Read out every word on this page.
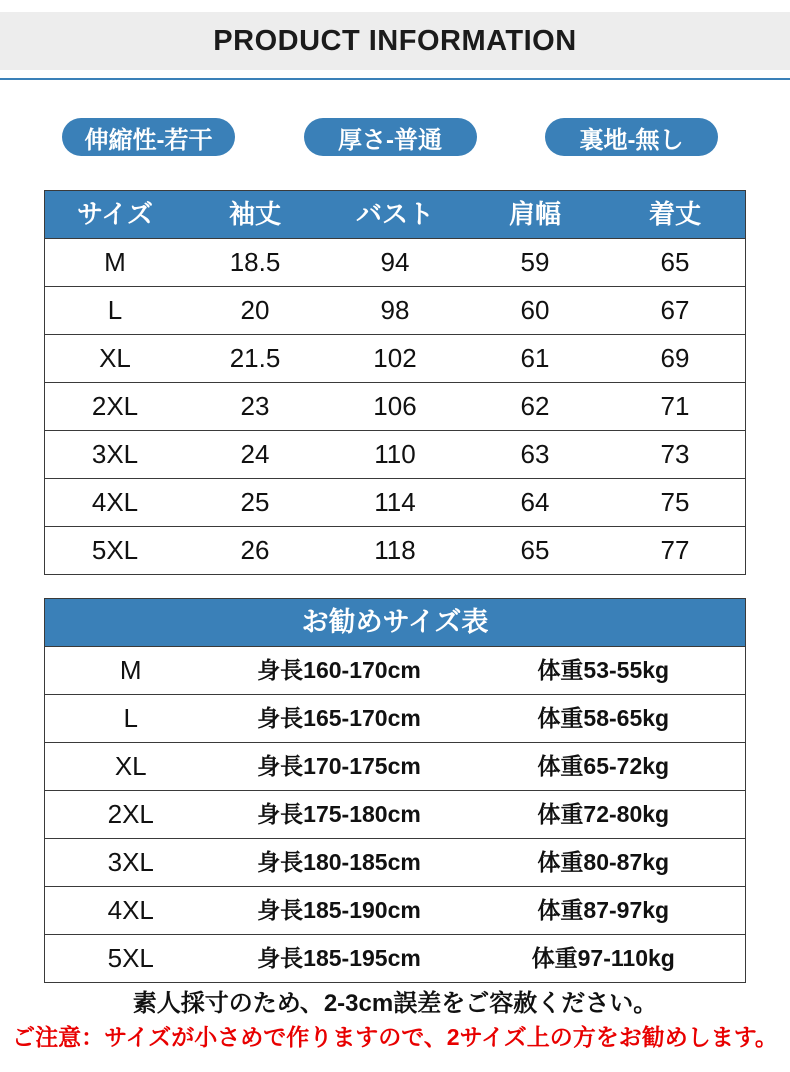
PRODUCT INFORMATION
伸縮性-若干	厚さ-普通	裏地-無し
サイズ	袖丈	バスト	肩幅	着丈
M	18.5	94	59	65
L	20	98	60	67
XL	21.5	102	61	69
2XL	23	106	62	71
3XL	24	110	63	73
4XL	25	114	64	75
5XL	26	118	65	77
お勧めサイズ表
M	身長160-170cm	体重53-55kg
L	身長165-170cm	体重58-65kg
XL	身長170-175cm	体重65-72kg
2XL	身長175-180cm	体重72-80kg
3XL	身長180-185cm	体重80-87kg
4XL	身長185-190cm	体重87-97kg
5XL	身長185-195cm	体重97-110kg
素人採寸のため、2-3cm誤差をご容赦ください。
ご注意：サイズが小さめで作りますので、2サイズ上の方をお勧めします。
